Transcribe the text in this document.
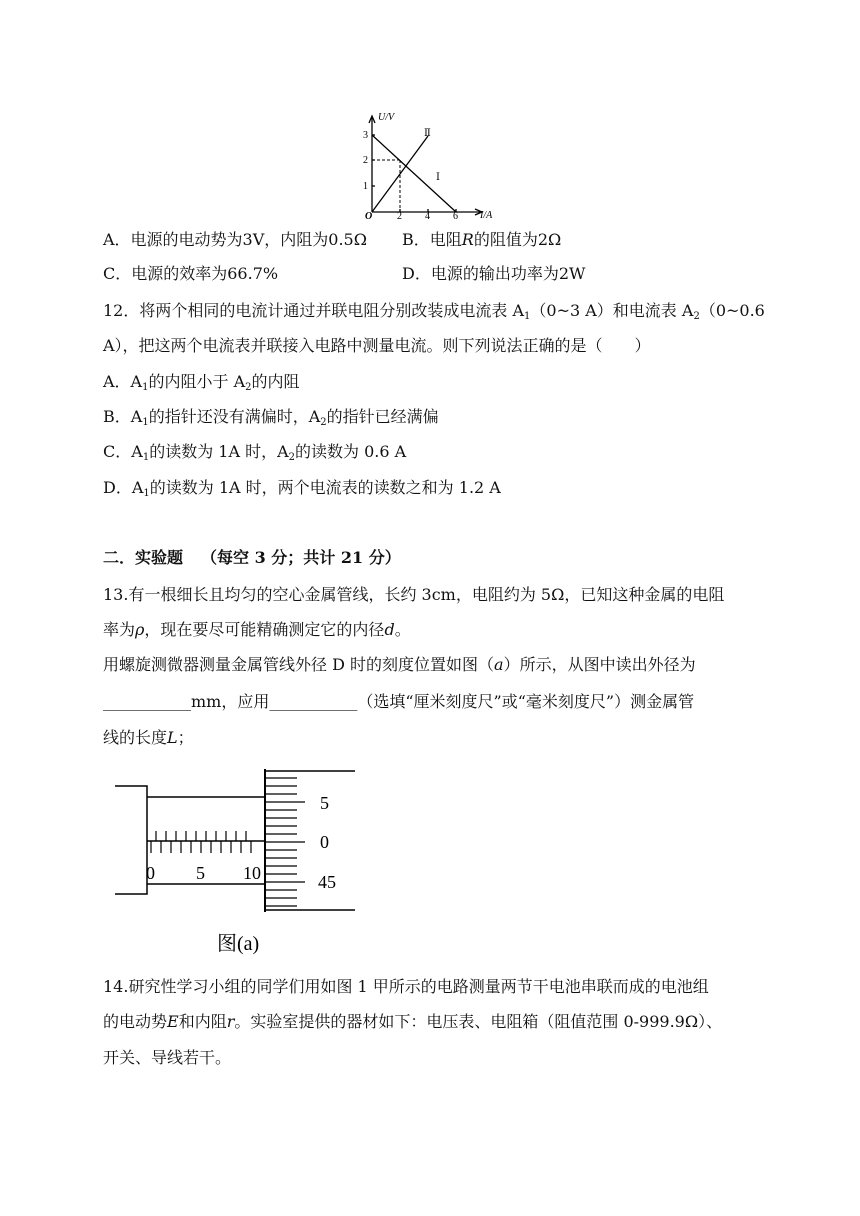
U/V
I/A
O
1
2
3
2 4 6
Ⅰ
Ⅱ
A．电源的电动势为3V，内阻为0.5Ω B．电阻R的阻值为2Ω
C．电源的效率为66.7%	D．电源的输出功率为2W
12．将两个相同的电流计通过并联电阻分别改装成电流表 $A_1(0\sim 3$ A）和电流表 $A_2(0\sim 0.6$
A），把这两个电流表并联接入电路中测量电流。则下列说法正确的是（　　）
A．$A_1$的内阻小于 $A_2$的内阻
B．$A_1$的指针还没有满偏时，$A_2$的指针已经满偏
C．$A_1$的读数为 1A 时，$A_2$的读数为 0.6 A
D．$A_1$的读数为 1A 时，两个电流表的读数之和为 1.2 A
二．实验题 （每空 3 分；共计 21 分）
13.有一根细长且均匀的空心金属管线，长约 3cm，电阻约为 5Ω，已知这种金属的电阻
率为ρ，现在要尽可能精确测定它的内径d。
用螺旋测微器测量金属管线外径 D 时的刻度位置如图（a）所示，从图中读出外径为
___________mm，应用___________（选填“厘米刻度尺”或“毫米刻度尺”）测金属管
线的长度L；
0 5 10
5
0
45
图(a)
14.研究性学习小组的同学们用如图 1 甲所示的电路测量两节干电池串联而成的电池组
的电动势E和内阻r。实验室提供的器材如下：电压表、电阻箱（阻值范围 0-999.9Ω）、
开关、导线若干。
